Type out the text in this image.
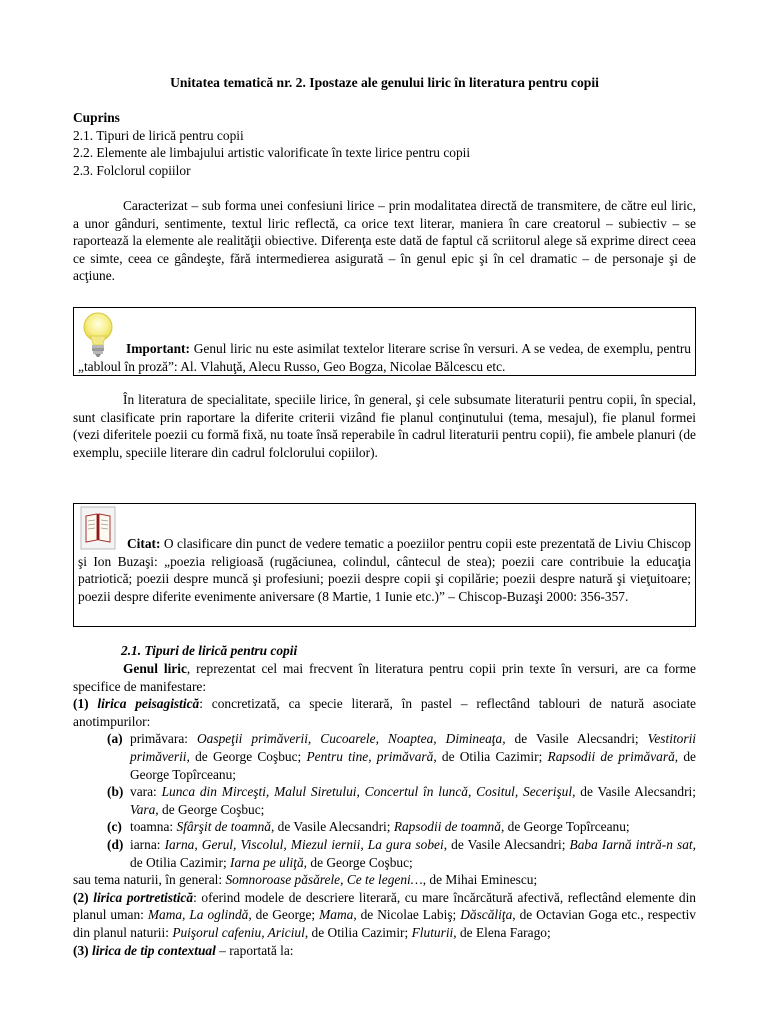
Unitatea tematică nr. 2. Ipostaze ale genului liric în literatura pentru copii
Cuprins
2.1. Tipuri de lirică pentru copii
2.2. Elemente ale limbajului artistic valorificate în texte lirice pentru copii
2.3. Folclorul copiilor
Caracterizat – sub forma unei confesiuni lirice – prin modalitatea directă de transmitere, de către eul liric, a unor gânduri, sentimente, textul liric reflectă, ca orice text literar, maniera în care creatorul – subiectiv – se raportează la elemente ale realităţii obiective. Diferenţa este dată de faptul că scriitorul alege să exprime direct ceea ce simte, ceea ce gândeşte, fără intermedierea asigurată – în genul epic şi în cel dramatic – de personaje şi de acţiune.
Important: Genul liric nu este asimilat textelor literare scrise în versuri. A se vedea, de exemplu, pentru „tabloul în proză”: Al. Vlahuţă, Alecu Russo, Geo Bogza, Nicolae Bălcescu etc.
În literatura de specialitate, speciile lirice, în general, şi cele subsumate literaturii pentru copii, în special, sunt clasificate prin raportare la diferite criterii vizând fie planul conţinutului (tema, mesajul), fie planul formei (vezi diferitele poezii cu formă fixă, nu toate însă reperabile în cadrul literaturii pentru copii), fie ambele planuri (de exemplu, speciile literare din cadrul folclorului copiilor).
Citat: O clasificare din punct de vedere tematic a poeziilor pentru copii este prezentată de Liviu Chiscop şi Ion Buzaşi: „poezia religioasă (rugăciunea, colindul, cântecul de stea); poezii care contribuie la educaţia patriotică; poezii despre muncă şi profesiuni; poezii despre copii şi copilărie; poezii despre natură şi vieţuitoare; poezii despre diferite evenimente aniversare (8 Martie, 1 Iunie etc.)” – Chiscop-Buzaşi 2000: 356-357.
2.1. Tipuri de lirică pentru copii
Genul liric, reprezentat cel mai frecvent în literatura pentru copii prin texte în versuri, are ca forme specifice de manifestare:
(1) lirica peisagistică: concretizată, ca specie literară, în pastel – reflectând tablouri de natură asociate anotimpurilor:
(a) primăvara: Oaspeţii primăverii, Cucoarele, Noaptea, Dimineaţa, de Vasile Alecsandri; Vestitorii primăverii, de George Coşbuc; Pentru tine, primăvară, de Otilia Cazimir; Rapsodii de primăvară, de George Topîrceanu;
(b) vara: Lunca din Mirceşti, Malul Siretului, Concertul în luncă, Cositul, Secerişul, de Vasile Alecsandri; Vara, de George Coşbuc;
(c) toamna: Sfârşit de toamnă, de Vasile Alecsandri; Rapsodii de toamnă, de George Topîrceanu;
(d) iarna: Iarna, Gerul, Viscolul, Miezul iernii, La gura sobei, de Vasile Alecsandri; Baba Iarnă intră-n sat, de Otilia Cazimir; Iarna pe uliţă, de George Coşbuc;
sau tema naturii, în general: Somnoroase păsărele, Ce te legeni…, de Mihai Eminescu;
(2) lirica portretistică: oferind modele de descriere literară, cu mare încărcătură afectivă, reflectând elemente din planul uman: Mama, La oglindă, de George; Mama, de Nicolae Labiş; Dăscăliţa, de Octavian Goga etc., respectiv din planul naturii: Puişorul cafeniu, Ariciul, de Otilia Cazimir; Fluturii, de Elena Farago;
(3) lirica de tip contextual – raportată la:
